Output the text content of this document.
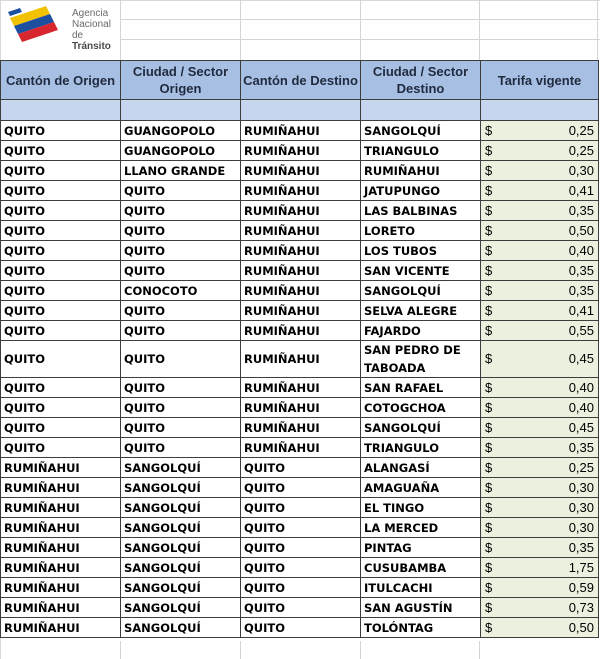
Agencia
Nacional
de Tránsito
Cantón de Origen	Ciudad / Sector Origen	Cantón de Destino	Ciudad / Sector Destino	Tarifa vigente

QUITO	GUANGOPOLO	RUMIÑAHUI	SANGOLQUÍ	$ 0,25

QUITO	GUANGOPOLO	RUMIÑAHUI	TRIANGULO	$ 0,25

QUITO	LLANO GRANDE	RUMIÑAHUI	RUMIÑAHUI	$ 0,30

QUITO	QUITO	RUMIÑAHUI	JATUPUNGO	$ 0,41

QUITO	QUITO	RUMIÑAHUI	LAS BALBINAS	$ 0,35

QUITO	QUITO	RUMIÑAHUI	LORETO	$ 0,50

QUITO	QUITO	RUMIÑAHUI	LOS TUBOS	$ 0,40

QUITO	QUITO	RUMIÑAHUI	SAN VICENTE	$ 0,35

QUITO	CONOCOTO	RUMIÑAHUI	SANGOLQUÍ	$ 0,35

QUITO	QUITO	RUMIÑAHUI	SELVA ALEGRE	$ 0,41

QUITO	QUITO	RUMIÑAHUI	FAJARDO	$ 0,55

QUITO	QUITO	RUMIÑAHUI	SAN PEDRO DE TABOADA	$ 0,45

QUITO	QUITO	RUMIÑAHUI	SAN RAFAEL	$ 0,40

QUITO	QUITO	RUMIÑAHUI	COTOGCHOA	$ 0,40

QUITO	QUITO	RUMIÑAHUI	SANGOLQUÍ	$ 0,45

QUITO	QUITO	RUMIÑAHUI	TRIANGULO	$ 0,35

RUMIÑAHUI	SANGOLQUÍ	QUITO	ALANGASÍ	$ 0,25

RUMIÑAHUI	SANGOLQUÍ	QUITO	AMAGUAÑA	$ 0,30

RUMIÑAHUI	SANGOLQUÍ	QUITO	EL TINGO	$ 0,30

RUMIÑAHUI	SANGOLQUÍ	QUITO	LA MERCED	$ 0,30

RUMIÑAHUI	SANGOLQUÍ	QUITO	PINTAG	$ 0,35

RUMIÑAHUI	SANGOLQUÍ	QUITO	CUSUBAMBA	$ 1,75

RUMIÑAHUI	SANGOLQUÍ	QUITO	ITULCACHI	$ 0,59

RUMIÑAHUI	SANGOLQUÍ	QUITO	SAN AGUSTÍN	$ 0,73

RUMIÑAHUI	SANGOLQUÍ	QUITO	TOLÓNTAG	$ 0,50
